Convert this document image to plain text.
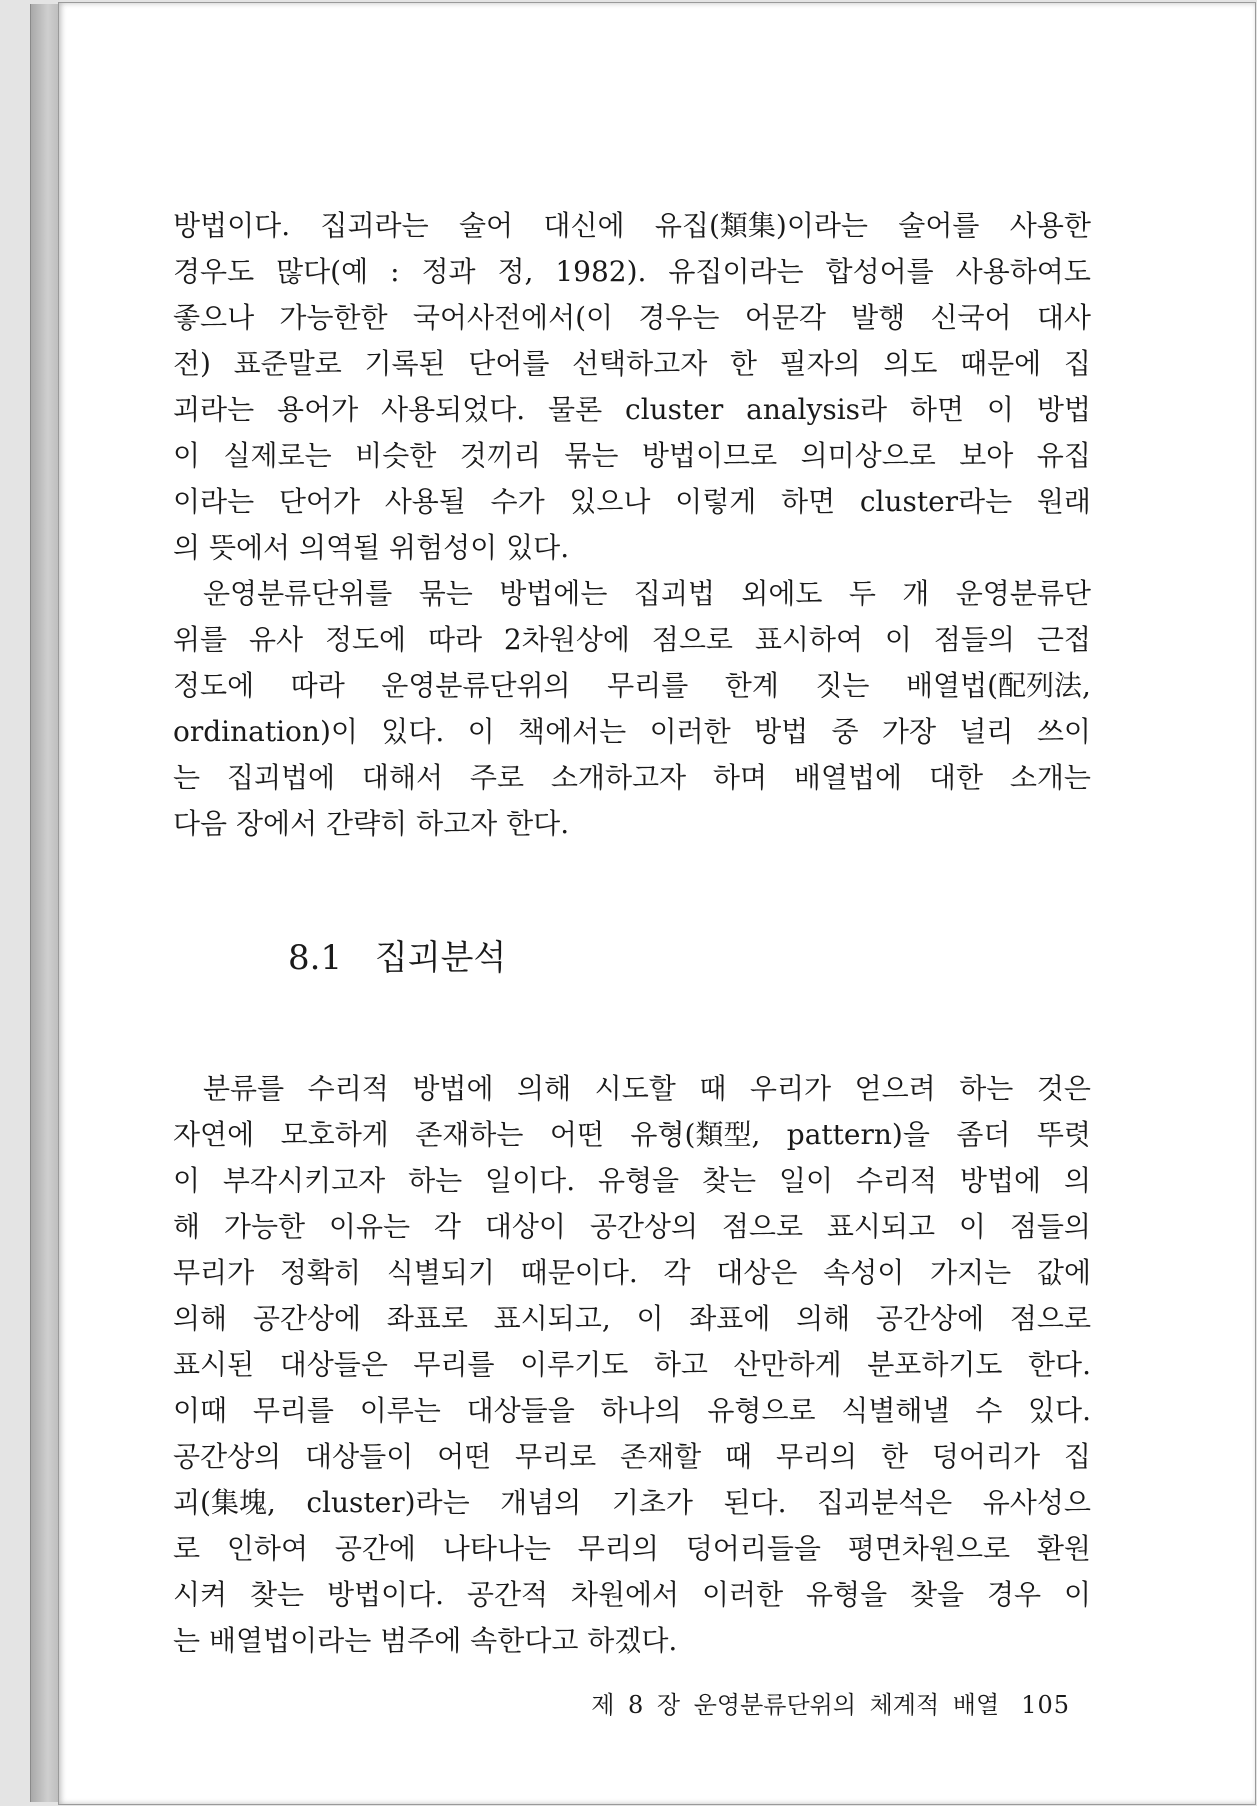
방법이다. 집괴라는 술어 대신에 유집(類集)이라는 술어를 사용한
경우도 많다(예 : 정과 정, 1982). 유집이라는 합성어를 사용하여도
좋으나 가능한한 국어사전에서(이 경우는 어문각 발행 신국어 대사
전) 표준말로 기록된 단어를 선택하고자 한 필자의 의도 때문에 집
괴라는 용어가 사용되었다. 물론 cluster analysis라 하면 이 방법
이 실제로는 비슷한 것끼리 묶는 방법이므로 의미상으로 보아 유집
이라는 단어가 사용될 수가 있으나 이렇게 하면 cluster라는 원래
의 뜻에서 의역될 위험성이 있다.
운영분류단위를 묶는 방법에는 집괴법 외에도 두 개 운영분류단
위를 유사 정도에 따라 2차원상에 점으로 표시하여 이 점들의 근접
정도에 따라 운영분류단위의 무리를 한계 짓는 배열법(配列法,
ordination)이 있다. 이 책에서는 이러한 방법 중 가장 널리 쓰이
는 집괴법에 대해서 주로 소개하고자 하며 배열법에 대한 소개는
다음 장에서 간략히 하고자 한다.
8.1 집괴분석
분류를 수리적 방법에 의해 시도할 때 우리가 얻으려 하는 것은
자연에 모호하게 존재하는 어떤 유형(類型, pattern)을 좀더 뚜렷
이 부각시키고자 하는 일이다. 유형을 찾는 일이 수리적 방법에 의
해 가능한 이유는 각 대상이 공간상의 점으로 표시되고 이 점들의
무리가 정확히 식별되기 때문이다. 각 대상은 속성이 가지는 값에
의해 공간상에 좌표로 표시되고, 이 좌표에 의해 공간상에 점으로
표시된 대상들은 무리를 이루기도 하고 산만하게 분포하기도 한다.
이때 무리를 이루는 대상들을 하나의 유형으로 식별해낼 수 있다.
공간상의 대상들이 어떤 무리로 존재할 때 무리의 한 덩어리가 집
괴(集塊, cluster)라는 개념의 기초가 된다. 집괴분석은 유사성으
로 인하여 공간에 나타나는 무리의 덩어리들을 평면차원으로 환원
시켜 찾는 방법이다. 공간적 차원에서 이러한 유형을 찾을 경우 이
는 배열법이라는 범주에 속한다고 하겠다.
제 8 장 운영분류단위의 체계적 배열 105
